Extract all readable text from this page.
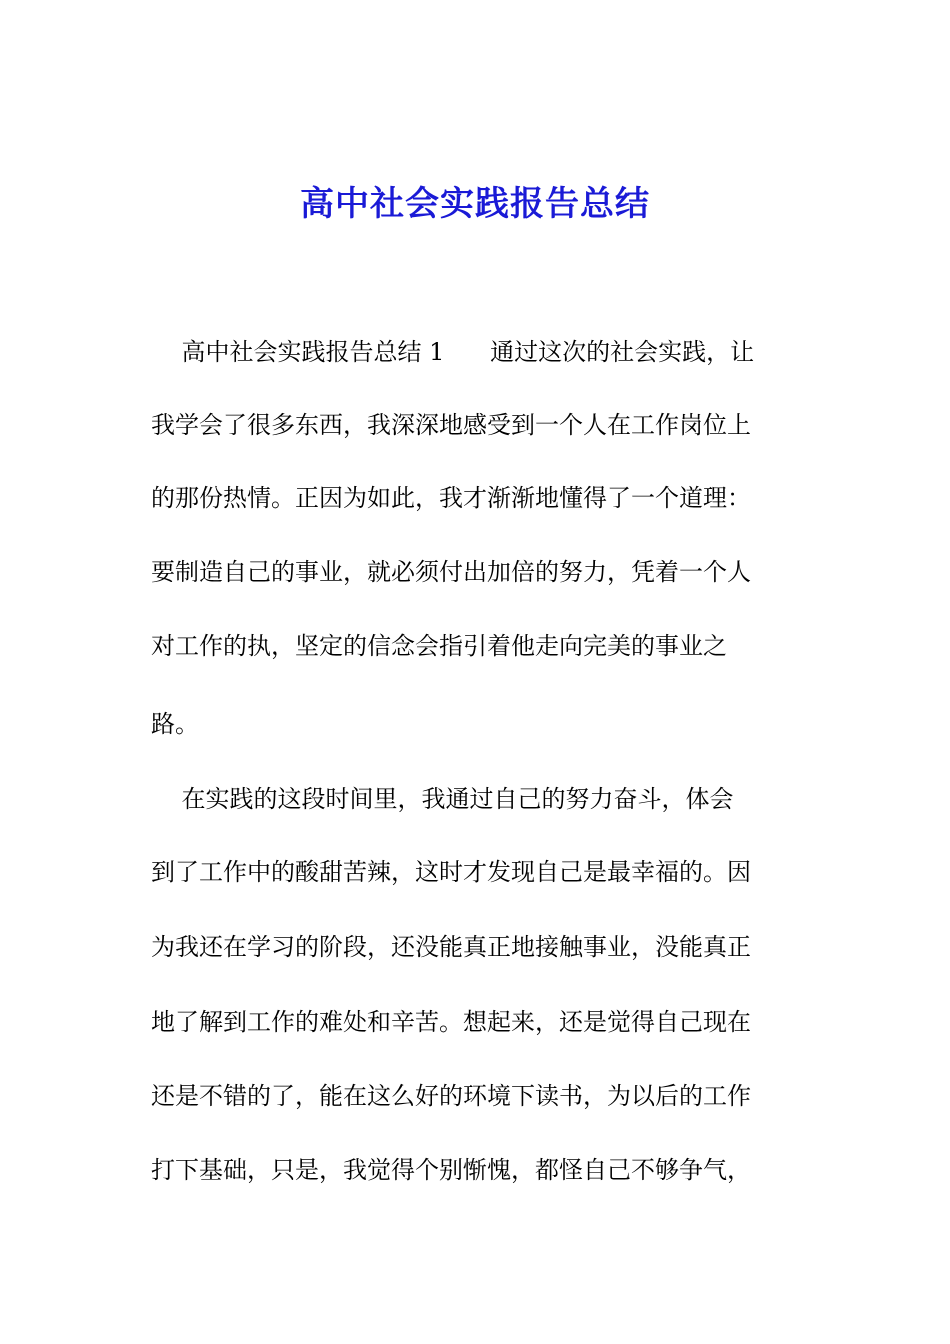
高中社会实践报告总结
高中社会实践报告总结 1      通过这次的社会实践，让
我学会了很多东西，我深深地感受到一个人在工作岗位上
的那份热情。正因为如此，我才渐渐地懂得了一个道理：
要制造自己的事业，就必须付出加倍的努力，凭着一个人
对工作的执，坚定的信念会指引着他走向完美的事业之
路。
在实践的这段时间里，我通过自己的努力奋斗，体会
到了工作中的酸甜苦辣，这时才发现自己是最幸福的。因
为我还在学习的阶段，还没能真正地接触事业，没能真正
地了解到工作的难处和辛苦。想起来，还是觉得自己现在
还是不错的了，能在这么好的环境下读书，为以后的工作
打下基础，只是，我觉得个别惭愧，都怪自己不够争气，
